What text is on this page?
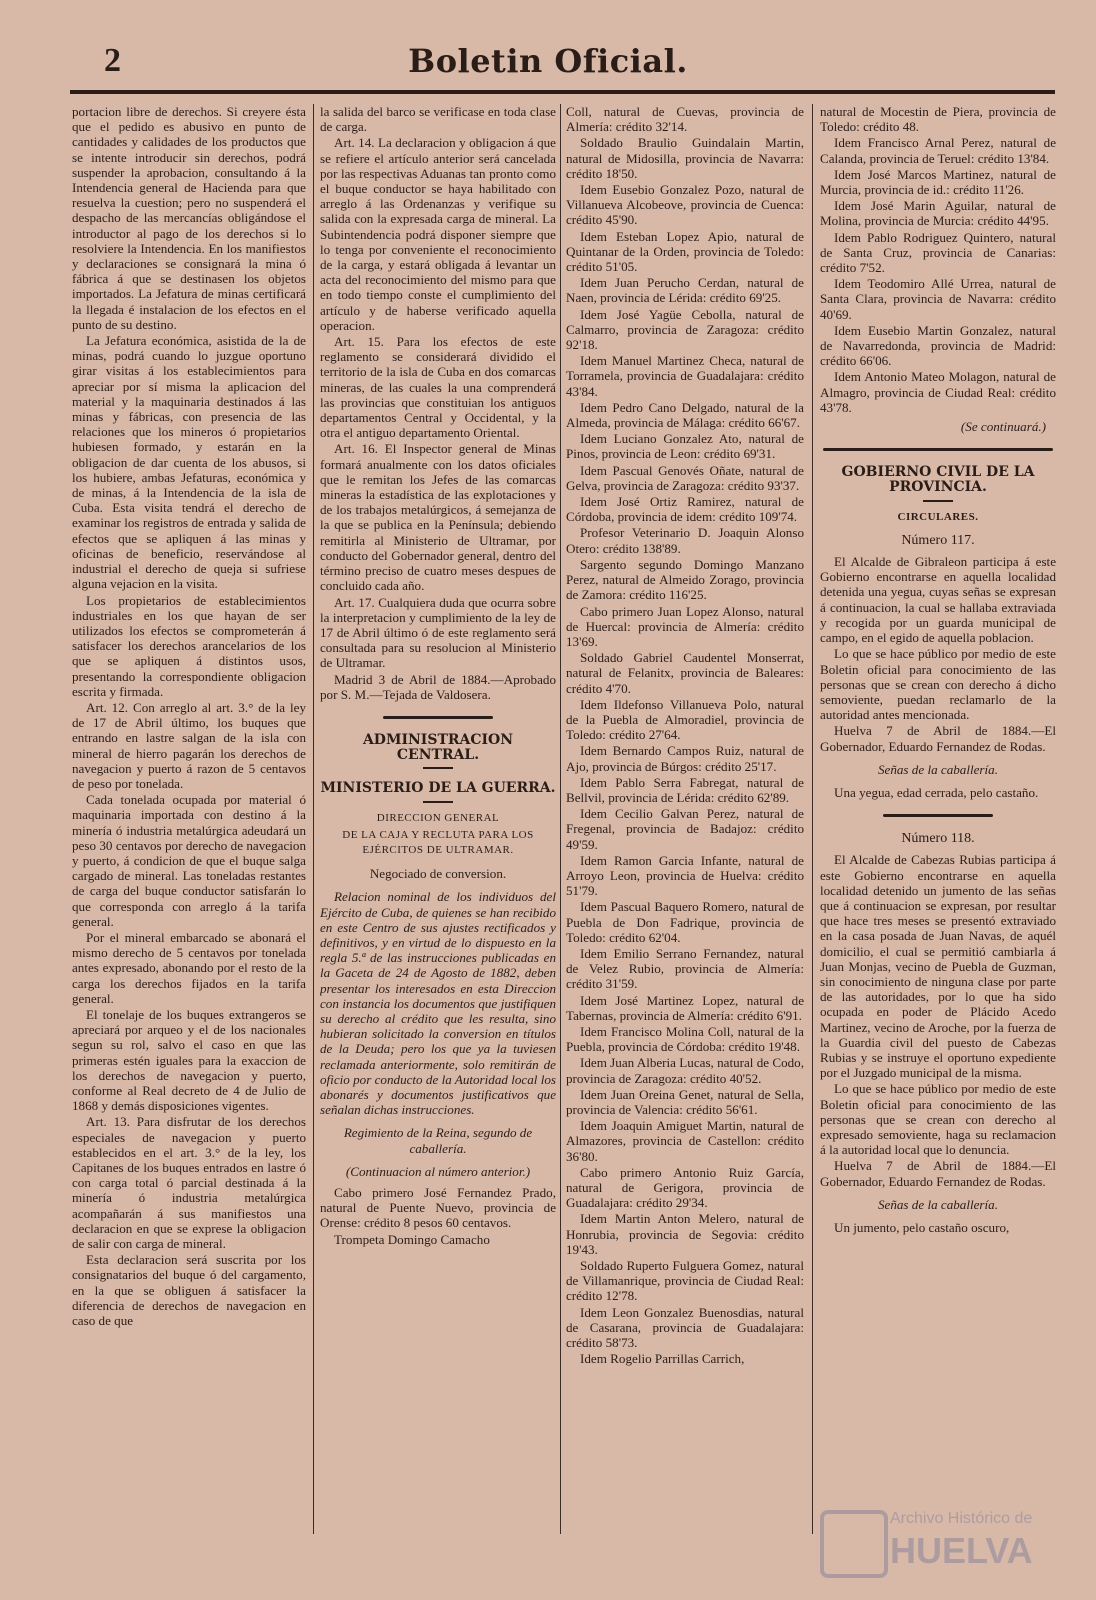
2	Boletin Oficial.

portacion libre de derechos. Si creyere ésta que el pedido es abusivo en punto de cantidades y calidades de los productos que se intente introducir sin derechos, podrá suspender la aprobacion, consultando á la Intendencia general de Hacienda para que resuelva la cuestion; pero no suspenderá el despacho de las mercancías obligándose el introductor al pago de los derechos si lo resolviere la Intendencia. En los manifiestos y declaraciones se consignará la mina ó fábrica á que se destinasen los objetos importados. La Jefatura de minas certificará la llegada é instalacion de los efectos en el punto de su destino.

La Jefatura económica, asistida de la de minas, podrá cuando lo juzgue oportuno girar visitas á los establecimientos para apreciar por sí misma la aplicacion del material y la maquinaria destinados á las minas y fábricas, con presencia de las relaciones que los mineros ó propietarios hubiesen formado, y estarán en la obligacion de dar cuenta de los abusos, si los hubiere, ambas Jefaturas, económica y de minas, á la Intendencia de la isla de Cuba. Esta visita tendrá el derecho de examinar los registros de entrada y salida de efectos que se apliquen á las minas y oficinas de beneficio, reservándose al industrial el derecho de queja si sufriese alguna vejacion en la visita.

Los propietarios de establecimientos industriales en los que hayan de ser utilizados los efectos se comprometerán á satisfacer los derechos arancelarios de los que se apliquen á distintos usos, presentando la correspondiente obligacion escrita y firmada.

Art. 12. Con arreglo al art. 3.° de la ley de 17 de Abril último, los buques que entrando en lastre salgan de la isla con mineral de hierro pagarán los derechos de navegacion y puerto á razon de 5 centavos de peso por tonelada.

Cada tonelada ocupada por material ó maquinaria importada con destino á la minería ó industria metalúrgica adeudará un peso 30 centavos por derecho de navegacion y puerto, á condicion de que el buque salga cargado de mineral. Las toneladas restantes de carga del buque conductor satisfarán lo que corresponda con arreglo á la tarifa general.

Por el mineral embarcado se abonará el mismo derecho de 5 centavos por tonelada antes expresado, abonando por el resto de la carga los derechos fijados en la tarifa general.

El tonelaje de los buques extrangeros se apreciará por arqueo y el de los nacionales segun su rol, salvo el caso en que las primeras estén iguales para la exaccion de los derechos de navegacion y puerto, conforme al Real decreto de 4 de Julio de 1868 y demás disposiciones vigentes.

Art. 13. Para disfrutar de los derechos especiales de navegacion y puerto establecidos en el art. 3.° de la ley, los Capitanes de los buques entrados en lastre ó con carga total ó parcial destinada á la minería ó industria metalúrgica acompañarán á sus manifiestos una declaracion en que se exprese la obligacion de salir con carga de mineral.

Esta declaracion será suscrita por los consignatarios del buque ó del cargamento, en la que se obliguen á satisfacer la diferencia de derechos de navegacion en caso de que

la salida del barco se verificase en toda clase de carga.

Art. 14. La declaracion y obligacion á que se refiere el artículo anterior será cancelada por las respectivas Aduanas tan pronto como el buque conductor se haya habilitado con arreglo á las Ordenanzas y verifique su salida con la expresada carga de mineral. La Subintendencia podrá disponer siempre que lo tenga por conveniente el reconocimiento de la carga, y estará obligada á levantar un acta del reconocimiento del mismo para que en todo tiempo conste el cumplimiento del artículo y de haberse verificado aquella operacion.

Art. 15. Para los efectos de este reglamento se considerará dividido el territorio de la isla de Cuba en dos comarcas mineras, de las cuales la una comprenderá las provincias que constituian los antiguos departamentos Central y Occidental, y la otra el antiguo departamento Oriental.

Art. 16. El Inspector general de Minas formará anualmente con los datos oficiales que le remitan los Jefes de las comarcas mineras la estadística de las explotaciones y de los trabajos metalúrgicos, á semejanza de la que se publica en la Península; debiendo remitirla al Ministerio de Ultramar, por conducto del Gobernador general, dentro del término preciso de cuatro meses despues de concluido cada año.

Art. 17. Cualquiera duda que ocurra sobre la interpretacion y cumplimiento de la ley de 17 de Abril último ó de este reglamento será consultada para su resolucion al Ministerio de Ultramar.

Madrid 3 de Abril de 1884.—Aprobado por S. M.—Tejada de Valdosera.

ADMINISTRACION CENTRAL.
MINISTERIO DE LA GUERRA.
DIRECCION GENERAL
DE LA CAJA Y RECLUTA PARA LOS EJÉRCITOS DE ULTRAMAR.

Negociado de conversion.

Relacion nominal de los individuos del Ejército de Cuba, de quienes se han recibido en este Centro de sus ajustes rectificados y definitivos, y en virtud de lo dispuesto en la regla 5.ª de las instrucciones publicadas en la Gaceta de 24 de Agosto de 1882, deben presentar los interesados en esta Direccion con instancia los documentos que justifiquen su derecho al crédito que les resulta, sino hubieran solicitado la conversion en títulos de la Deuda; pero los que ya la tuviesen reclamada anteriormente, solo remitirán de oficio por conducto de la Autoridad local los abonarés y documentos justificativos que señalan dichas instrucciones.

Regimiento de la Reina, segundo de caballería.

(Continuacion al número anterior.)

Cabo primero José Fernandez Prado, natural de Puente Nuevo, provincia de Orense: crédito 8 pesos 60 centavos.

Trompeta Domingo Camacho

Coll, natural de Cuevas, provincia de Almería: crédito 32'14.

Soldado Braulio Guindalain Martin, natural de Midosilla, provincia de Navarra: crédito 18'50.

Idem Eusebio Gonzalez Pozo, natural de Villanueva Alcobeove, provincia de Cuenca: crédito 45'90.

Idem Esteban Lopez Apio, natural de Quintanar de la Orden, provincia de Toledo: crédito 51'05.

Idem Juan Perucho Cerdan, natural de Naen, provincia de Lérida: crédito 69'25.

Idem José Yagüe Cebolla, natural de Calmarro, provincia de Zaragoza: crédito 92'18.

Idem Manuel Martinez Checa, natural de Torramela, provincia de Guadalajara: crédito 43'84.

Idem Pedro Cano Delgado, natural de la Almeda, provincia de Málaga: crédito 66'67.

Idem Luciano Gonzalez Ato, natural de Pinos, provincia de Leon: crédito 69'31.

Idem Pascual Genovés Oñate, natural de Gelva, provincia de Zaragoza: crédito 93'37.

Idem José Ortiz Ramirez, natural de Córdoba, provincia de idem: crédito 109'74.

Profesor Veterinario D. Joaquin Alonso Otero: crédito 138'89.

Sargento segundo Domingo Manzano Perez, natural de Almeido Zorago, provincia de Zamora: crédito 116'25.

Cabo primero Juan Lopez Alonso, natural de Huercal: provincia de Almería: crédito 13'69.

Soldado Gabriel Caudentel Monserrat, natural de Felanitx, provincia de Baleares: crédito 4'70.

Idem Ildefonso Villanueva Polo, natural de la Puebla de Almoradiel, provincia de Toledo: crédito 27'64.

Idem Bernardo Campos Ruiz, natural de Ajo, provincia de Búrgos: crédito 25'17.

Idem Pablo Serra Fabregat, natural de Bellvil, provincia de Lérida: crédito 62'89.

Idem Cecilio Galvan Perez, natural de Fregenal, provincia de Badajoz: crédito 49'59.

Idem Ramon Garcia Infante, natural de Arroyo Leon, provincia de Huelva: crédito 51'79.

Idem Pascual Baquero Romero, natural de Puebla de Don Fadrique, provincia de Toledo: crédito 62'04.

Idem Emilio Serrano Fernandez, natural de Velez Rubio, provincia de Almería: crédito 31'59.

Idem José Martinez Lopez, natural de Tabernas, provincia de Almería: crédito 6'91.

Idem Francisco Molina Coll, natural de la Puebla, provincia de Córdoba: crédito 19'48.

Idem Juan Alberia Lucas, natural de Codo, provincia de Zaragoza: crédito 40'52.

Idem Juan Oreina Genet, natural de Sella, provincia de Valencia: crédito 56'61.

Idem Joaquin Amiguet Martin, natural de Almazores, provincia de Castellon: crédito 36'80.

Cabo primero Antonio Ruiz García, natural de Gerigora, provincia de Guadalajara: crédito 29'34.

Idem Martin Anton Melero, natural de Honrubia, provincia de Segovia: crédito 19'43.

Soldado Ruperto Fulguera Gomez, natural de Villamanrique, provincia de Ciudad Real: crédito 12'78.

Idem Leon Gonzalez Buenosdias, natural de Casarana, provincia de Guadalajara: crédito 58'73.

Idem Rogelio Parrillas Carrich,

natural de Mocestin de Piera, provincia de Toledo: crédito 48.

Idem Francisco Arnal Perez, natural de Calanda, provincia de Teruel: crédito 13'84.

Idem José Marcos Martinez, natural de Murcia, provincia de id.: crédito 11'26.

Idem José Marin Aguilar, natural de Molina, provincia de Murcia: crédito 44'95.

Idem Pablo Rodriguez Quintero, natural de Santa Cruz, provincia de Canarias: crédito 7'52.

Idem Teodomiro Allé Urrea, natural de Santa Clara, provincia de Navarra: crédito 40'69.

Idem Eusebio Martin Gonzalez, natural de Navarredonda, provincia de Madrid: crédito 66'06.

Idem Antonio Mateo Molagon, natural de Almagro, provincia de Ciudad Real: crédito 43'78.

(Se continuará.)

GOBIERNO CIVIL DE LA PROVINCIA.
CIRCULARES.
Número 117.

El Alcalde de Gibraleon participa á este Gobierno encontrarse en aquella localidad detenida una yegua, cuyas señas se expresan á continuacion, la cual se hallaba extraviada y recogida por un guarda municipal de campo, en el egido de aquella poblacion.

Lo que se hace público por medio de este Boletin oficial para conocimiento de las personas que se crean con derecho á dicho semoviente, puedan reclamarlo de la autoridad antes mencionada.

Huelva 7 de Abril de 1884.—El Gobernador, Eduardo Fernandez de Rodas.

Señas de la caballería.

Una yegua, edad cerrada, pelo castaño.

Número 118.

El Alcalde de Cabezas Rubias participa á este Gobierno encontrarse en aquella localidad detenido un jumento de las señas que á continuacion se expresan, por resultar que hace tres meses se presentó extraviado en la casa posada de Juan Navas, de aquél domicilio, el cual se permitió cambiarla á Juan Monjas, vecino de Puebla de Guzman, sin conocimiento de ninguna clase por parte de las autoridades, por lo que ha sido ocupada en poder de Plácido Acedo Martinez, vecino de Aroche, por la fuerza de la Guardia civil del puesto de Cabezas Rubias y se instruye el oportuno expediente por el Juzgado municipal de la misma.

Lo que se hace público por medio de este Boletin oficial para conocimiento de las personas que se crean con derecho al expresado semoviente, haga su reclamacion á la autoridad local que lo denuncia.

Huelva 7 de Abril de 1884.—El Gobernador, Eduardo Fernandez de Rodas.

Señas de la caballería.

Un jumento, pelo castaño oscuro,

Archivo Histórico de
HUELVA
